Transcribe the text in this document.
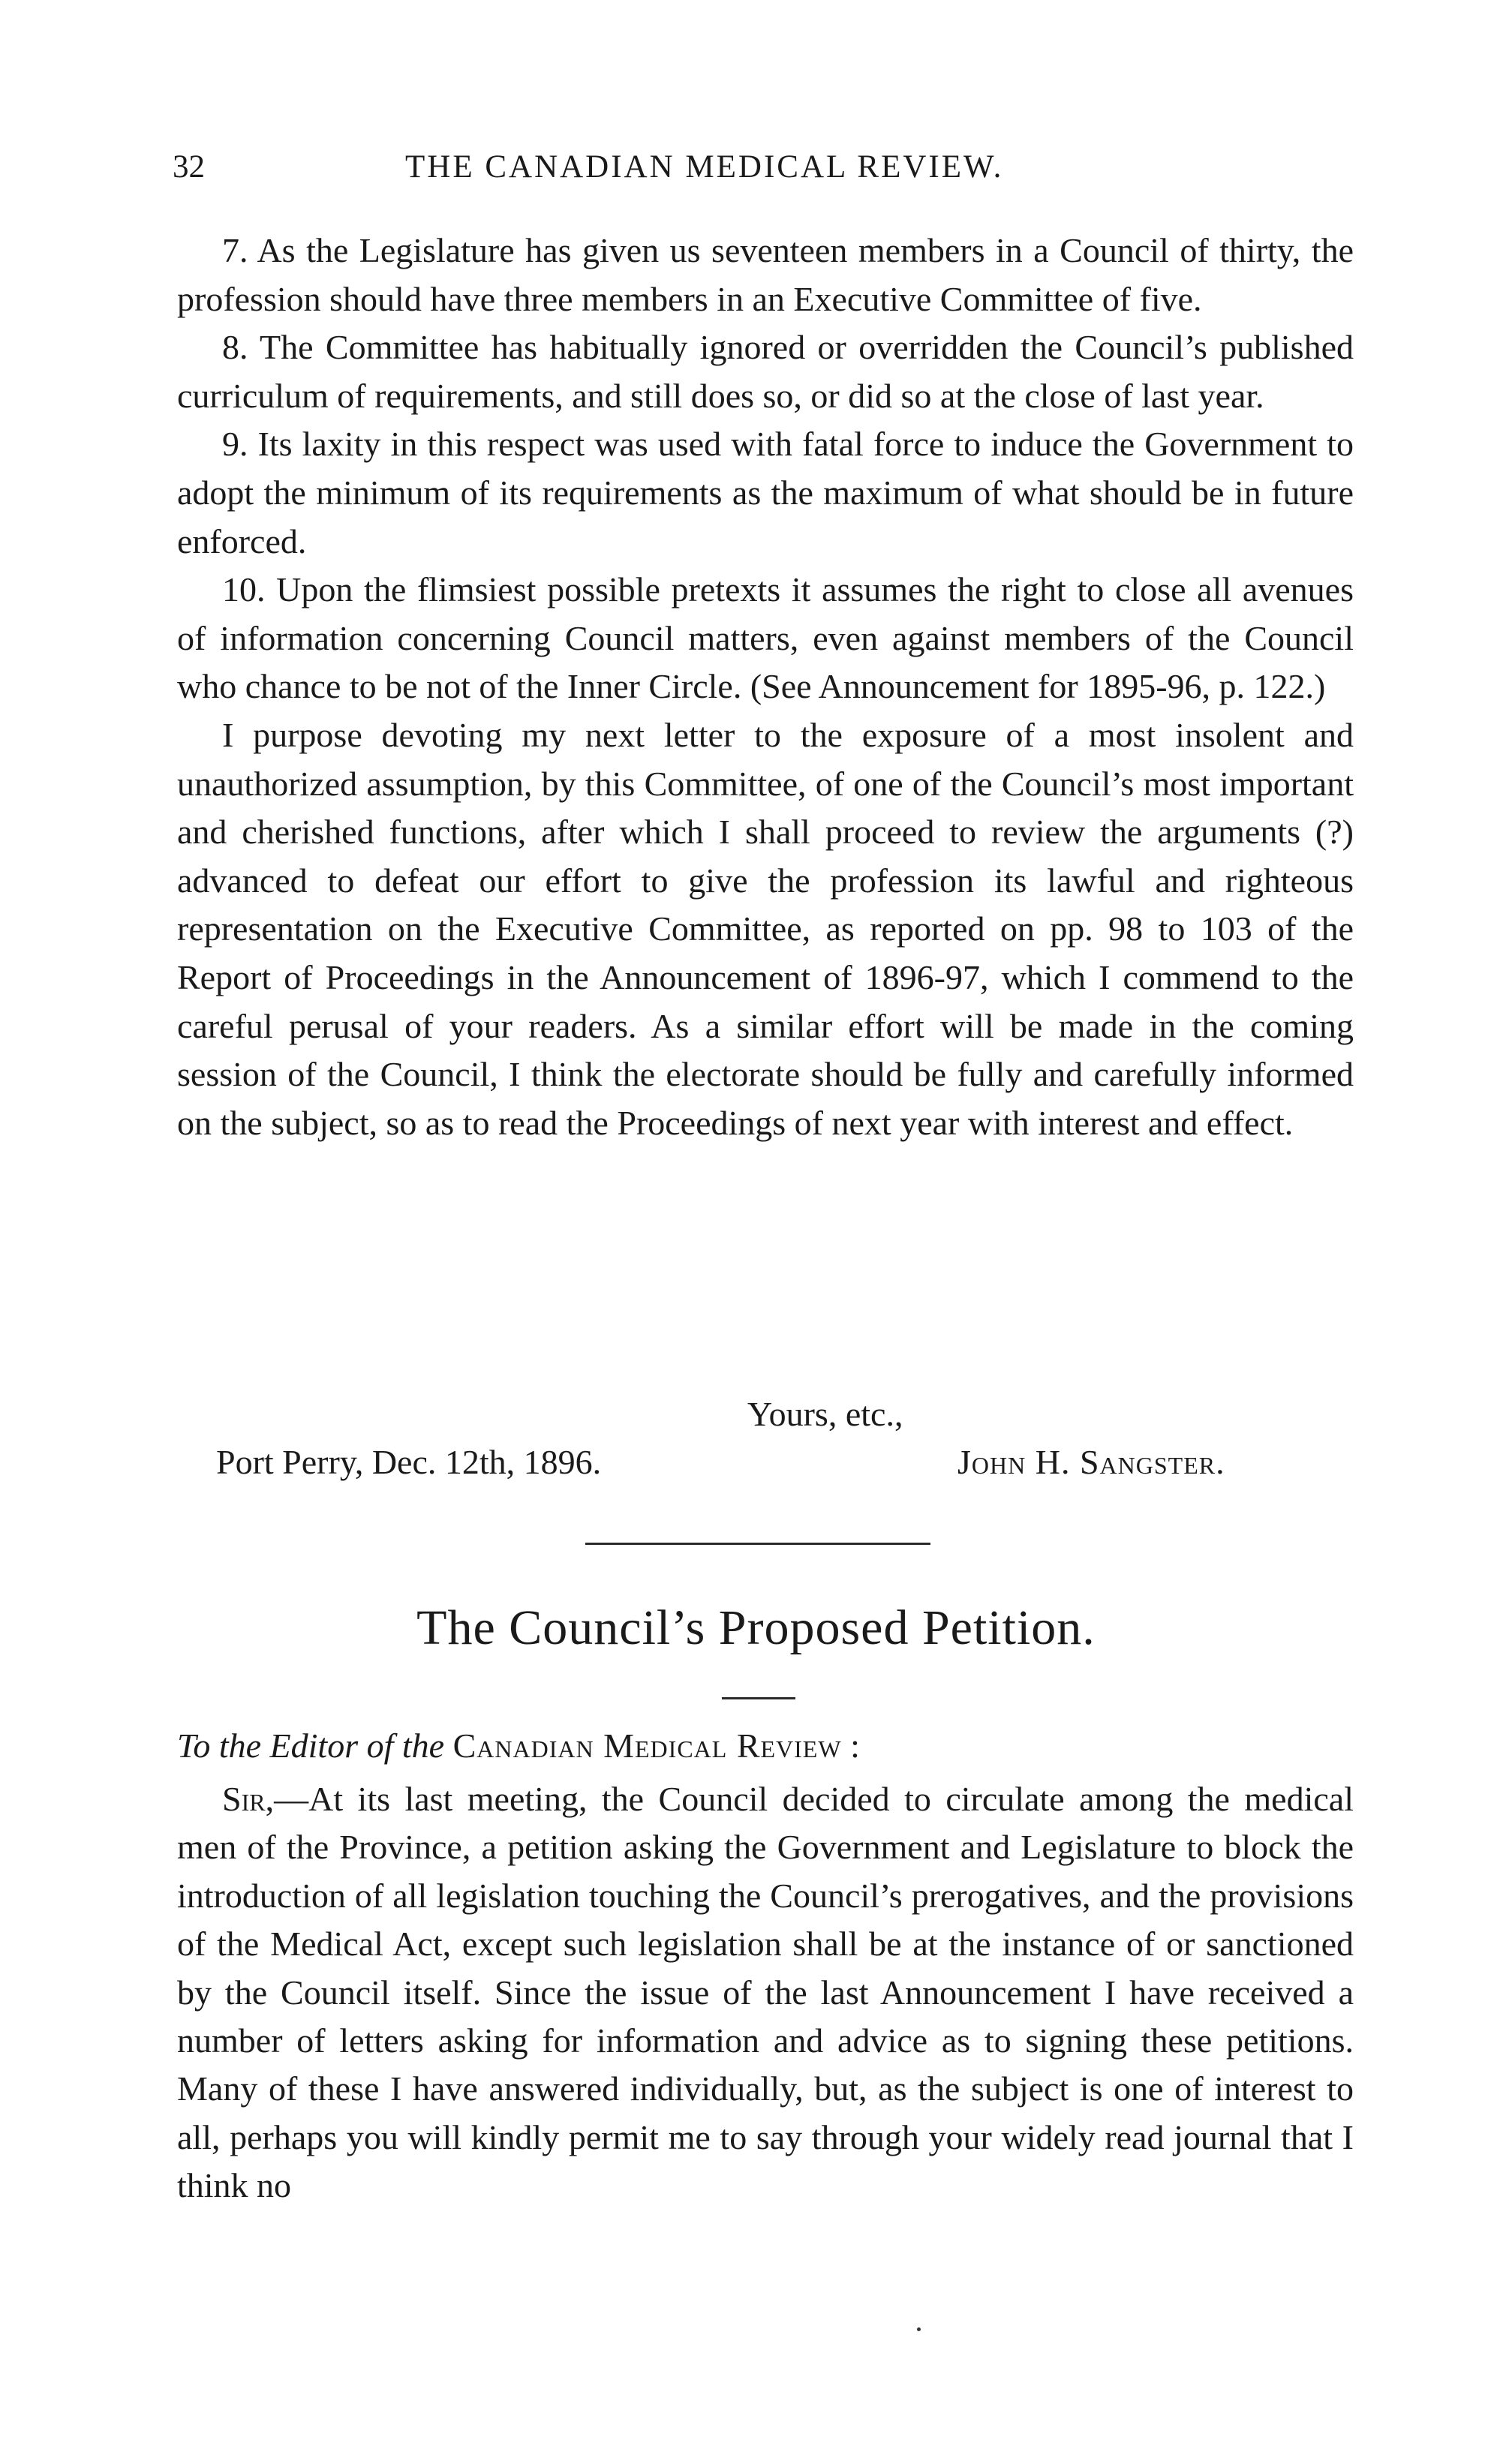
32	THE CANADIAN MEDICAL REVIEW.

7. As the Legislature has given us seventeen members in a Council of thirty, the profession should have three members in an Executive Committee of five.

8. The Committee has habitually ignored or overridden the Council’s published curriculum of requirements, and still does so, or did so at the close of last year.

9. Its laxity in this respect was used with fatal force to induce the Government to adopt the minimum of its requirements as the maximum of what should be in future enforced.

10. Upon the flimsiest possible pretexts it assumes the right to close all avenues of information concerning Council matters, even against members of the Council who chance to be not of the Inner Circle. (See Announcement for 1895-96, p. 122.)

I purpose devoting my next letter to the exposure of a most insolent and unauthorized assumption, by this Committee, of one of the Council’s most important and cherished functions, after which I shall proceed to review the arguments (?) advanced to defeat our effort to give the profession its lawful and righteous representation on the Executive Committee, as reported on pp. 98 to 103 of the Report of Proceedings in the Announcement of 1896-97, which I commend to the careful perusal of your readers. As a similar effort will be made in the coming session of the Council, I think the electorate should be fully and carefully informed on the subject, so as to read the Proceedings of next year with interest and effect.

Yours, etc.,
Port Perry, Dec. 12th, 1896.	John H. Sangster.
The Council’s Proposed Petition.
To the Editor of the Canadian Medical Review :

Sir,—At its last meeting, the Council decided to circulate among the medical men of the Province, a petition asking the Government and Legislature to block the introduction of all legislation touching the Council’s prerogatives, and the provisions of the Medical Act, except such legislation shall be at the instance of or sanctioned by the Council itself. Since the issue of the last Announcement I have received a number of letters asking for information and advice as to signing these petitions. Many of these I have answered individually, but, as the subject is one of interest to all, perhaps you will kindly permit me to say through your widely read journal that I think no
